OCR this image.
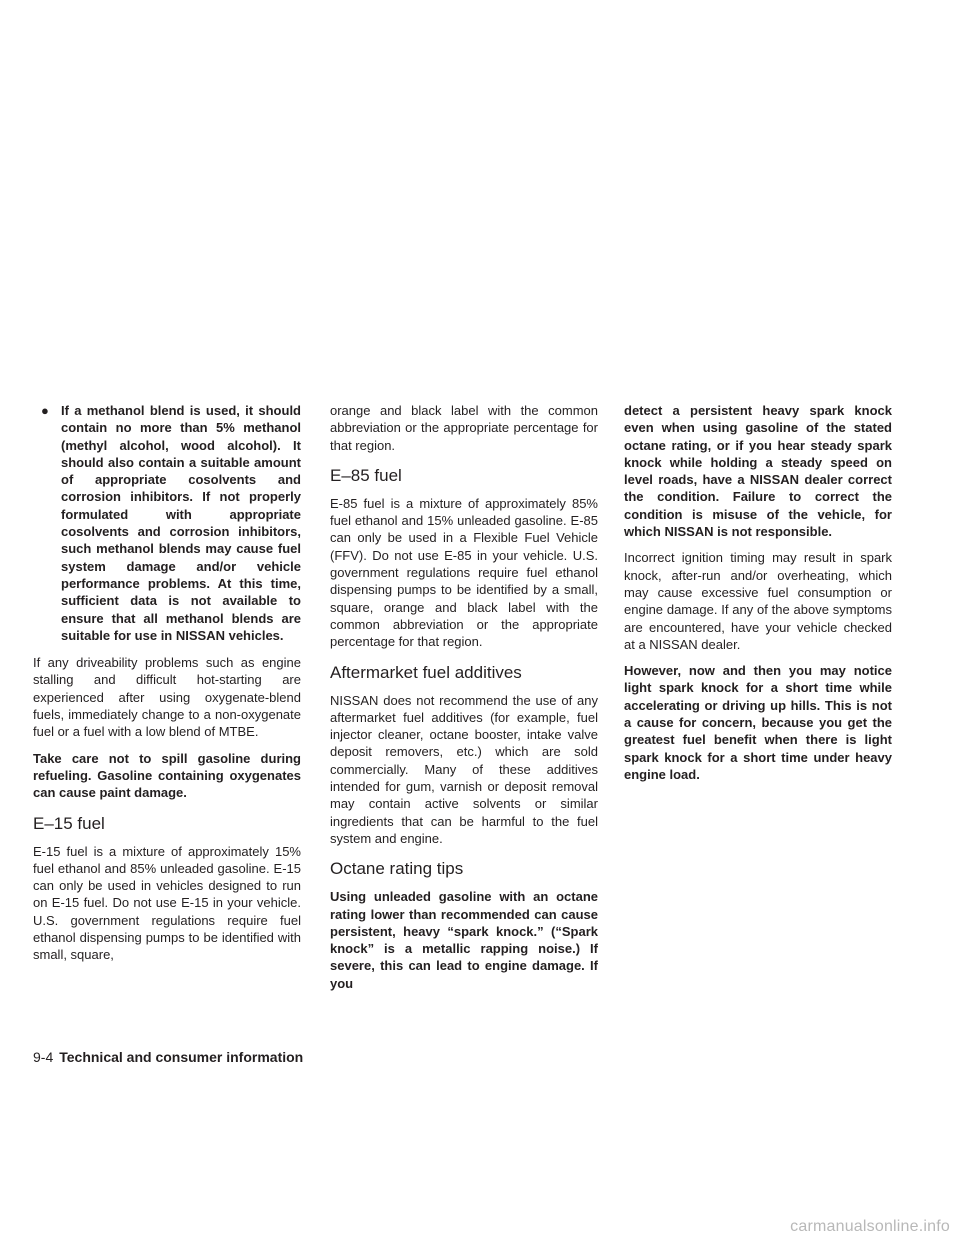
● If a methanol blend is used, it should contain no more than 5% methanol (methyl alcohol, wood alcohol). It should also contain a suitable amount of appropriate cosolvents and corrosion inhibitors. If not properly formulated with appropriate cosolvents and corrosion inhibitors, such methanol blends may cause fuel system damage and/or vehicle performance problems. At this time, sufficient data is not available to ensure that all methanol blends are suitable for use in NISSAN vehicles.

If any driveability problems such as engine stalling and difficult hot-starting are experienced after using oxygenate-blend fuels, immediately change to a non-oxygenate fuel or a fuel with a low blend of MTBE.

Take care not to spill gasoline during refueling. Gasoline containing oxygenates can cause paint damage.

E–15 fuel

E-15 fuel is a mixture of approximately 15% fuel ethanol and 85% unleaded gasoline. E-15 can only be used in vehicles designed to run on E-15 fuel. Do not use E-15 in your vehicle. U.S. government regulations require fuel ethanol dispensing pumps to be identified with small, square,

orange and black label with the common abbreviation or the appropriate percentage for that region.

E–85 fuel

E-85 fuel is a mixture of approximately 85% fuel ethanol and 15% unleaded gasoline. E-85 can only be used in a Flexible Fuel Vehicle (FFV). Do not use E-85 in your vehicle. U.S. government regulations require fuel ethanol dispensing pumps to be identified by a small, square, orange and black label with the common abbreviation or the appropriate percentage for that region.

Aftermarket fuel additives

NISSAN does not recommend the use of any aftermarket fuel additives (for example, fuel injector cleaner, octane booster, intake valve deposit removers, etc.) which are sold commercially. Many of these additives intended for gum, varnish or deposit removal may contain active solvents or similar ingredients that can be harmful to the fuel system and engine.

Octane rating tips

Using unleaded gasoline with an octane rating lower than recommended can cause persistent, heavy “spark knock.” (“Spark knock” is a metallic rapping noise.) If severe, this can lead to engine damage. If you

detect a persistent heavy spark knock even when using gasoline of the stated octane rating, or if you hear steady spark knock while holding a steady speed on level roads, have a NISSAN dealer correct the condition. Failure to correct the condition is misuse of the vehicle, for which NISSAN is not responsible.

Incorrect ignition timing may result in spark knock, after-run and/or overheating, which may cause excessive fuel consumption or engine damage. If any of the above symptoms are encountered, have your vehicle checked at a NISSAN dealer.

However, now and then you may notice light spark knock for a short time while accelerating or driving up hills. This is not a cause for concern, because you get the greatest fuel benefit when there is light spark knock for a short time under heavy engine load.

9-4 Technical and consumer information
carmanualsonline.info
